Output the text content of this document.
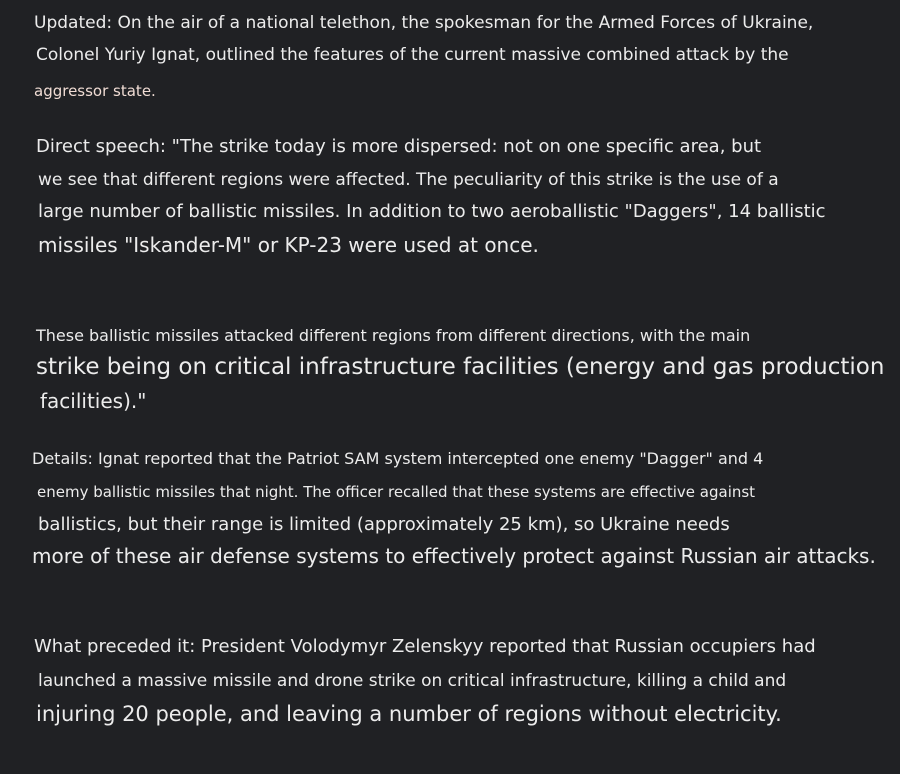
Updated: On the air of a national telethon, the spokesman for the Armed Forces of Ukraine,
Colonel Yuriy Ignat, outlined the features of the current massive combined attack by the
aggressor state.
Direct speech: "The strike today is more dispersed: not on one specific area, but
we see that different regions were affected. The peculiarity of this strike is the use of a
large number of ballistic missiles. In addition to two aeroballistic "Daggers", 14 ballistic
missiles "Iskander-M" or KP-23 were used at once.
These ballistic missiles attacked different regions from different directions, with the main
strike being on critical infrastructure facilities (energy and gas production
facilities)."
Details: Ignat reported that the Patriot SAM system intercepted one enemy "Dagger" and 4
enemy ballistic missiles that night. The officer recalled that these systems are effective against
ballistics, but their range is limited (approximately 25 km), so Ukraine needs
more of these air defense systems to effectively protect against Russian air attacks.
What preceded it: President Volodymyr Zelenskyy reported that Russian occupiers had
launched a massive missile and drone strike on critical infrastructure, killing a child and
injuring 20 people, and leaving a number of regions without electricity.
